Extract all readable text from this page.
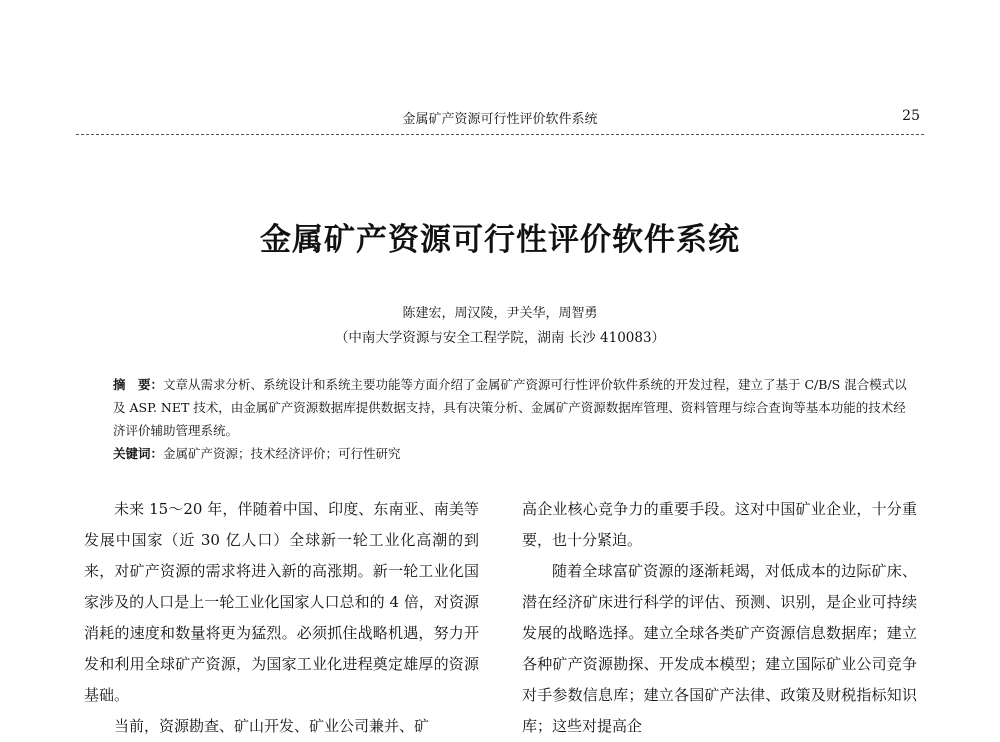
金属矿产资源可行性评价软件系统	25
金属矿产资源可行性评价软件系统
陈建宏，周汉陵，尹关华，周智勇
（中南大学资源与安全工程学院，湖南 长沙 410083）

摘　要：文章从需求分析、系统设计和系统主要功能等方面介绍了金属矿产资源可行性评价软件系统的开发过程，建立了基于 C/B/S 混合模式以及 ASP. NET 技术，由金属矿产资源数据库提供数据支持，具有决策分析、金属矿产资源数据库管理、资料管理与综合查询等基本功能的技术经济评价辅助管理系统。

关键词：金属矿产资源；技术经济评价；可行性研究

未来 15～20 年，伴随着中国、印度、东南亚、南美等发展中国家（近 30 亿人口）全球新一轮工业化高潮的到来，对矿产资源的需求将进入新的高涨期。新一轮工业化国家涉及的人口是上一轮工业化国家人口总和的 4 倍，对资源消耗的速度和数量将更为猛烈。必须抓住战略机遇，努力开发和利用全球矿产资源，为国家工业化进程奠定雄厚的资源基础。

当前，资源勘查、矿山开发、矿业公司兼并、矿

高企业核心竞争力的重要手段。这对中国矿业企业，十分重要，也十分紧迫。

随着全球富矿资源的逐渐耗竭，对低成本的边际矿床、潜在经济矿床进行科学的评估、预测、识别，是企业可持续发展的战略选择。建立全球各类矿产资源信息数据库；建立各种矿产资源勘探、开发成本模型；建立国际矿业公司竞争对手参数信息库；建立各国矿产法律、政策及财税指标知识库；这些对提高企
